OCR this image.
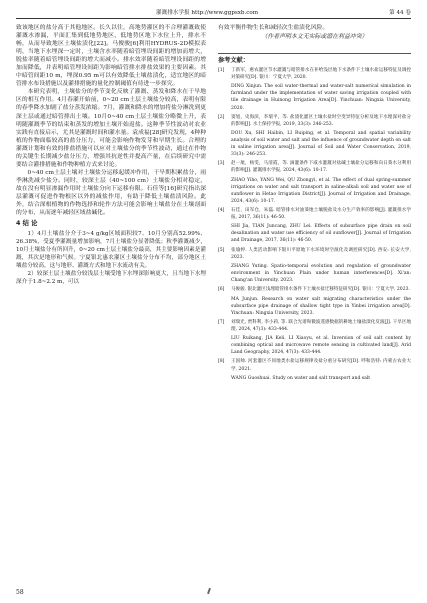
灌溉排水学报 http://www.ggpsxb.com	第 44 卷

致该地区的盐分高于其他地区。长久以往，高地势灌区的不合理灌溉致使灌溉水渗漏，平面汇集到低地势地区，低地势区地下水位上升，排水不畅，从而导致地区土壤盐渍化[22]。马俊骏[6]利用HYDRUS-2D模拟表明，当地下水埋深一定时，土壤含水率随着暗管埋设间距的增加而增大，脱盐率随着暗管埋设间距的增大而减小。排水效率随着暗管埋设间距的增加而降低，并表明暗管埋设间距为影响暗管排水排盐效果的主要因素。其中暗管间距10 m，埋深0.95 m可以有效降低土壤盐渍化，适宜地区的暗管排水布设措施以及灌排措施的量化控制阈值有待进一步探究。

本研究表明，土壤盐分的季节变化反映了灌溉、蒸发和降水在干旱地区的相互作用。4月春灌开始前，0~20 cm土层土壤盐分较高，表明有限的春季降水加剧了盐分蒸发浓缩。7月，灌溉和降水的增加将盐分淋洗到更深土层或通过暗管排出土壤。10月0~40 cm土层土壤盐分略微上升，表明随灌溉季节的结束和蒸发的增加土壤开始返盐。这种季节性波动对农业实践有直接启示，尤其是灌溉时间和灌水量。袁成福[28]研究发现，4种种植的作物面临较高的盐分压力，可能会影响作物发芽和早期生长。合理的灌溉计划和有效的排盐措施可以应对土壤盐分的季节性波动，通过在作物的关键生长期减少盐分压力，增强其抗逆性并提高产量，在后续研究中需要结合灌排措施和作物种植方式来讨论。

0~40 cm土层土壤对土壤盐分运移起缓冲作用，干旱期积累盐分，雨季淋洗减少盐分。同时，较深土层（40~100 cm）土壤盐分相对稳定，故在没有明显渗漏作用时土壤盐分向下运移有限。石佳等[16]研究指出深层灌溉可促进作物根区以外的减盐作用，有助于降低土壤盐渍风险。此外，结合深根植物的作物选择和轮作方法可能会影响土壤盐分在土壤剖面的分布，从而逐年减轻区域盐碱化。

4 结 论

1）4月土壤盐分介于3~4 g/kg区域面积较7、10月分别高52.99%、26.38%，受夏季灌溉量增加影响，7月土壤盐分显著降低；秋季灌溉减少，10月土壤盐分有所回升，0~20 cm土层土壤盐分最高，其主要影响因素是灌溉，其次是地形和气候。宁夏银北惠农灌区土壤盐分分布不均，部分地区土壤盐分较高，这与地形、灌溉方式和地下水流动有关。

2）较深土层土壤盐分较浅层土壤受地下水埋深影响更大，且当地下水埋深介于1.8~2.2 m，可以

有效平衡作物生长和减轻次生盐渍化风险。

（作者声明本文无实际或潜在利益冲突）
参考文献：
[1]	丁新军，惠农灌区节水灌溉与暗管排水在补给浅层地下水条件下土壤水盐运移特征及调控对策研究[D]. 银川：宁夏大学, 2020.
DING Xinjun. The soil water-thermal and water-salt numerical simulation in farmland under the implementation of water saving irrigation coupled with tile drainage in Huinong Irrigation Area[D]. Yinchuan: Ningxia University, 2020.
[2]	窦旭，史海滨，李瑞平，等. 盐渍化灌区土壤水盐时空变异特征分析及地下水埋深对盐分的影响[J]. 水土保持学报, 2019, 33(3): 246-253.
DOU Xu, SHI Haibin, LI Ruiping, et al. Temporal and spatial variability analysis of soil water and salt and the influence of groundwater depth on salt in saline irrigation area[J]. Journal of Soil and Water Conservation, 2019, 33(3): 246-253.
[3]	赵一航，杨雯，马清霞，等. 滴灌条件下咸水灌溉对盐碱土壤盐分运移和向日葵水分利用的影响[J]. 灌溉排水学报, 2024, 43(6): 10-17.
ZHAO Yiho, YANG Wei, QU Zhongyi, et al. The effect of dual spring-summer irrigations on water and salt transport in saline-alkali soil and water use of sunflower in Hetao Irrigation District[J]. Journal of Irrigation and Drainage, 2024, 43(6): 10-17.
[4]	石佳，田军仓，朱磊. 暗管排水对油葵地土壤脱盐及水分生产效率的影响[J]. 灌溉排水学报, 2017, 36(11): 46-50.
SHI Jia, TIAN Juncang, ZHU Lei. Effects of subsurface pipe drain on soil desalination and water use efficiency of oil sunflower[J]. Journal of Irrigation and Drainage, 2017, 36(11): 46-50.
[5]	张瑜婷. 人类活动影响下银川平原地下水环境时空演化及调控研究[D]. 西安: 长安大学, 2023.
ZHANG Yuting. Spatio-temporal evolution and regulation of groundwater environment in Yinchuan Plain under human interferences[D]. Xi'an: Chang'an University, 2023.
[6]	马俊骏. 银北灌区浅埋暗管排水条件下土壤水盐迁移特征研究[D]. 银川：宁夏大学, 2023.
MA Junjun. Research on water salt migrating characteristics under the subsurface pipe drainage of shallow tight type in Yinbei irrigation area[D]. Yinchuan: Ningxia University, 2023.
[7]	刘瑞光, 贾科利, 李小莉, 等. 联合光谱和微波遥感数据的耕地土壤盐渍化反演[J]. 干旱区地理, 2024, 47(3): 433-444.
LIU Ruikang, JIA Keli, LI Xiaoyu, et al. Inversion of soil salt content by combining optical and microwave remote sensing in cultivated land[J]. Arid Land Geography, 2024, 47(3): 433-444.
[8]	王国帅. 河套灌区不同地类水盐运移规律及盐分重分布研究[D]. 呼和浩特: 内蒙古农业大学, 2021.
WANG Guoshuai. Study on water and salt transport and salt
58
